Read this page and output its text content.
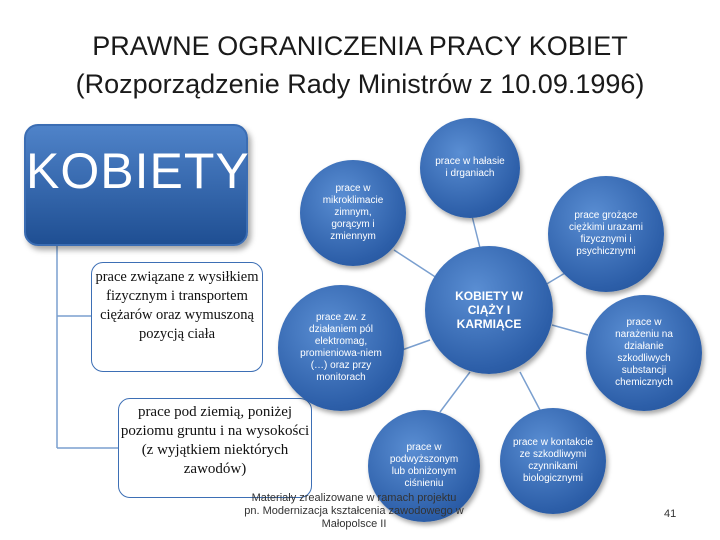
PRAWNE OGRANICZENIA PRACY KOBIET
(Rozporządzenie Rady Ministrów z 10.09.1996)
KOBIETY
prace związane z wysiłkiem fizycznym i transportem ciężarów oraz wymuszoną pozycją ciała
prace pod ziemią, poniżej poziomu gruntu i na wysokości (z wyjątkiem niektórych zawodów)
prace w hałasie i drganiach
prace w mikroklimacie zimnym, gorącym i zmiennym
prace grożące ciężkimi urazami fizycznymi i psychicznymi
KOBIETY W CIĄŻY I KARMIĄCE
prace zw. z działaniem pól elektromag, promieniowa-niem (…) oraz przy monitorach
prace w narażeniu na działanie szkodliwych substancji chemicznych
prace w podwyższonym lub obniżonym ciśnieniu
prace w kontakcie ze szkodliwymi czynnikami biologicznymi
Materiały zrealizowane w ramach projektu pn. Modernizacja kształcenia zawodowego w Małopolsce II
41
